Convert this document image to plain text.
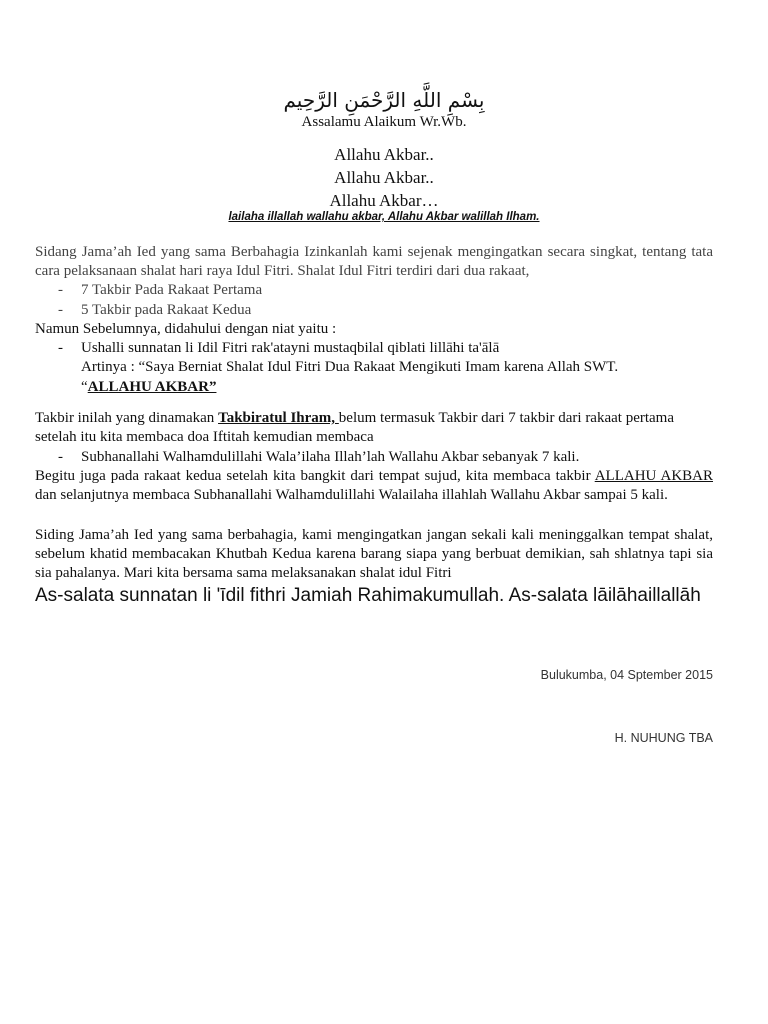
بِسْمِ اللَّهِ الرَّحْمَنِ الرَّحِيم
Assalamu Alaikum Wr.Wb.
Allahu Akbar..
Allahu Akbar..
Allahu Akbar…
lailaha illallah wallahu akbar, Allahu Akbar walillah Ilham.

Sidang Jama’ah Ied yang sama Berbahagia Izinkanlah kami sejenak mengingatkan secara singkat, tentang tata cara pelaksanaan shalat hari raya Idul Fitri. Shalat Idul Fitri terdiri dari dua rakaat,

- 7 Takbir Pada Rakaat Pertama
- 5 Takbir pada Rakaat Kedua
Namun Sebelumnya, didahului dengan niat yaitu :
- Ushalli sunnatan li Idil Fitri rak'atayni mustaqbilal qiblati lillāhi ta'ālā
Artinya : “Saya Berniat Shalat Idul Fitri Dua Rakaat Mengikuti Imam karena Allah SWT.
“ALLAHU AKBAR”
Takbir inilah yang dinamakan Takbiratul Ihram, belum termasuk Takbir dari 7 takbir dari rakaat pertama
setelah itu kita membaca doa Iftitah kemudian membaca
- Subhanallahi Walhamdulillahi Wala’ilaha Illah’lah Wallahu Akbar sebanyak 7 kali.

Begitu juga pada rakaat kedua setelah kita bangkit dari tempat sujud, kita membaca takbir ALLAHU AKBAR dan selanjutnya membaca Subhanallahi Walhamdulillahi Walailaha illahlah Wallahu Akbar sampai 5 kali.

Siding Jama’ah Ied yang sama berbahagia, kami mengingatkan jangan sekali kali meninggalkan tempat shalat, sebelum khatid membacakan Khutbah Kedua karena barang siapa yang berbuat demikian, sah shlatnya tapi sia sia pahalanya. Mari kita bersama sama melaksanakan shalat idul Fitri

As-salata sunnatan li 'īdil fithri Jamiah Rahimakumullah. As-salata lāilāhaillallāh

Bulukumba, 04 Sptember 2015
H. NUHUNG TBA
